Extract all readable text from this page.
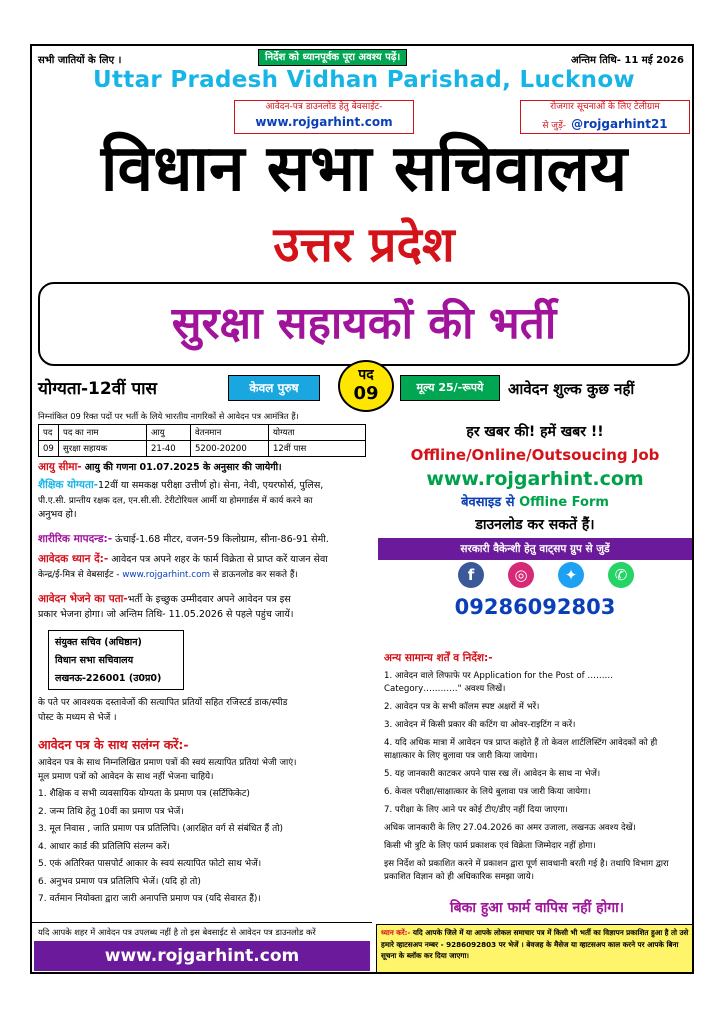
सभी जातियों के लिए ।	निर्देश को ध्यानपूर्वक पूरा अवश्य पढ़ें।	अन्तिम तिथि- 11 मई 2026
Uttar Pradesh Vidhan Parishad, Lucknow
आवेदन-पत्र डाउनलोड हेतु बेवसाईट-
www.rojgarhint.com
रोजगार सूचनाओं के लिए टेलीग्राम
से जुड़ें- @rojgarhint21
विधान सभा सचिवालय
उत्तर प्रदेश
सुरक्षा सहायकों की भर्ती
योग्यता-12वीं पास	केवल पुरुष
पद
09	मूल्य 25/-रूपये	आवेदन शुल्क कुछ नहीं
निम्नांकित 09 रिक्त पदों पर भर्ती के लिये भारतीय नागरिकों से आवेदन पत्र आमंत्रित हैं।
पद	पद का नाम	आयु	वेतनमान	योग्यता
09	सुरक्षा सहायक	21-40	5200-20200	12वीं पास
आयु सीमा- आयु की गणना 01.07.2025 के अनुसार की जायेगी।
शैक्षिक योग्यता-12वीं या समकक्ष परीक्षा उत्तीर्ण हो। सेना, नेवी, एयरफोर्स, पुलिस,
पी.ए.सी. प्रान्तीय रक्षक दल, एन.सी.सी. टेरीटोरियल आर्मी या होमगार्डस में कार्य करने का
अनुभव हो।
शारीरिक मापदन्ड:- ऊंचाई-1.68 मीटर, वजन-59 किलोग्राम, सीना-86-91 सेमी.
आवेदक ध्यान दें:- आवेदन पत्र अपने शहर के फार्म विक्रेता से प्राप्त करें याजन सेवा
केन्द्र/ई-मित्र से वेबसाईट - www.rojgarhint.com से डाऊनलोड कर सकते हैं।
आवेदन भेजने का पता-भर्ती के इच्छुक उम्मीदवार अपने आवेदन पत्र इस
प्रकार भेजना होगा। जो अन्तिम तिथि- 11.05.2026 से पहले पहुंच जायें।
संयुक्त सचिव (अधिष्ठान)
विधान सभा सचिवालय
लखनऊ-226001 (उ0प्र0)
के पते पर आवश्यक दस्तावेजों की सत्यापित प्रतियों सहित रजिस्टर्ड डाक/स्पीड
पोस्ट के मध्यम से भेजें ।
आवेदन पत्र के साथ सलंग्न करें:-
आवेदन पत्र के साथ निम्नलिखित प्रमाण पत्रों की स्वयं सत्यापित प्रतियां भेजी जाएं।
मूल प्रमाण पत्रों को आवेदन के साथ नहीं भेजना चाहिये।
1. शैक्षिक व सभी व्यवसायिक योग्यता के प्रमाण पत्र (सर्टिफिकेट)
2. जन्म तिथि हेतु 10वीं का प्रमाण पत्र भेजें।
3. मूल निवास , जाति प्रमाण पत्र प्रतिलिपि। (आरक्षित वर्ग से संबंधित हैं तो)
4. आधार कार्ड की प्रतिलिपि संलग्न करें।
5. एकं अतिरिक्त पासपोर्ट आकार के स्वयं सत्यापित फोटो साथ भेजें।
6. अनुभव प्रमाण पत्र प्रतिलिपि भेजें। (यदि हो तो)
7. वर्तमान नियोक्ता द्वारा जारी अनापत्ति प्रमाण पत्र (यदि सेवारत हैं)।
हर खबर की! हमें खबर !!
Offline/Online/Outsoucing Job
www.rojgarhint.com
बेवसाइड से Offline Form
डाउनलोड कर सकतें हैं।
सरकारी वैकेन्शी हेतु वाट्सप ग्रुप से जुडें
f	◎	✦	✆
09286092803
अन्य सामान्य शर्तें व निर्देश:-
1. आवेदन वाले लिफाफे पर Application for the Post of ……… Category…………" अवश्य लिखें।
2. आवेदन पत्र के सभी कॉलम स्पष्ट अक्षरों में भरें।
3. आवेदन में किसी प्रकार की कटिंग या ओवर-राइटिंग न करें।
4. यदि अधिक मात्रा में आवेदन पत्र प्राप्त कहोते हैं तो केवल शार्टलिस्टिंग आवेदकों को ही साक्षात्कार के लिए बुलावा पत्र जारी किया जायेगा।
5. यह जानकारी काटकर अपने पास रख लें। आवेदन के साथ ना भेजें।
6. केवल परीक्षा/साक्षात्कार के लिये बुलावा पत्र जारी किया जायेगा।
7. परीक्षा के लिए आने पर कोई टीए/डीए नहीं दिया जाएगा।
अधिक जानकारी के लिए 27.04.2026 का अमर उजाला, लखनऊ अवश्य देखें।
किसी भी त्रुटि के लिए फार्म प्रकाशक एवं विक्रेता जिम्मेदार नहीं होगा।
इस निर्देश को प्रकाशित करने में प्रकाशन द्वारा पूर्ण सावधानी बरती गई है। तथापि विभाग द्वारा प्रकाशित विज्ञान को ही अधिकारिक समझा जाये।
बिका हुआ फार्म वापिस नहीं होगा।
यदि आपके शहर में आवेदन पत्र उपलब्ध नहीं है तो इस बेवसाईट से आवेदन पत्र डाउनलोड करें
www.rojgarhint.com
ध्यान करें:- यदि आपके जिले में या आपके लोकल समाचार पत्र में किसी भी भर्ती का विज्ञापन प्रकाशित हुआ है तो उसे हमारे व्हाटसअप नम्बर - 9286092803 पर भेजें । बेवजह के मैसेज या व्हाटसअप काल करने पर आपके बिना सूचना के ब्लॉक कर दिया जाएगा।
